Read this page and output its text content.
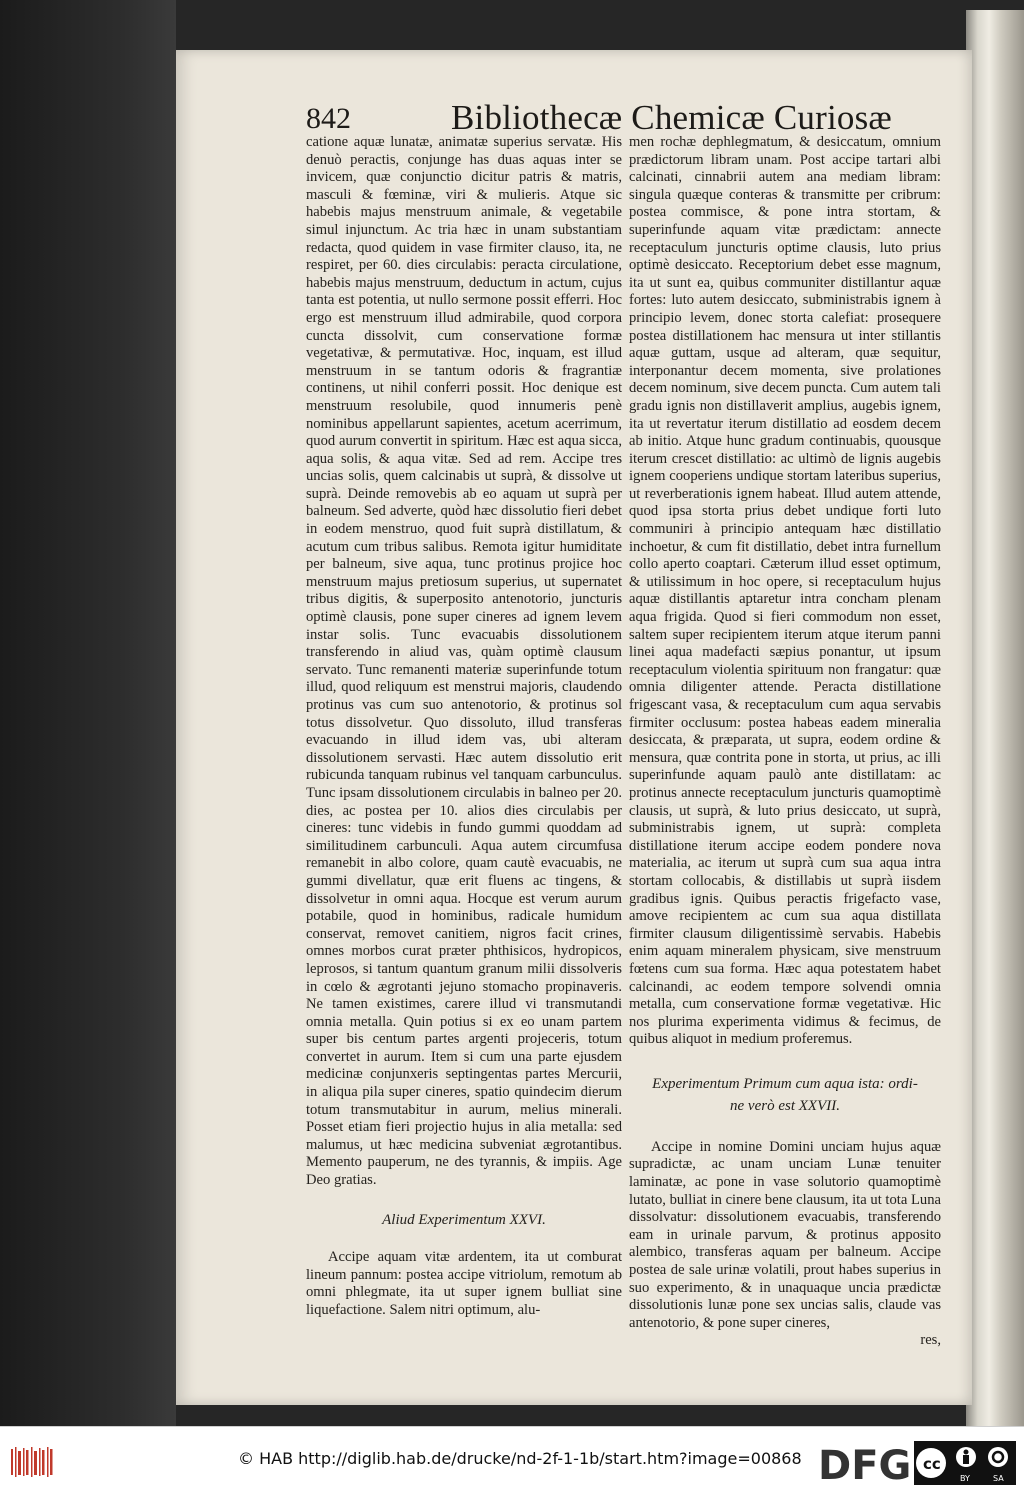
842	Bibliothecæ Chemicæ Curiosæ

catione aquæ lunatæ, animatæ superius servatæ. His denuò peractis, conjunge has duas aquas inter se invicem, quæ conjunctio dicitur patris & matris, masculi & fœminæ, viri & mulieris. Atque sic habebis majus menstruum animale, & vegetabile simul injunctum. Ac tria hæc in unam substantiam redacta, quod quidem in vase firmiter clauso, ita, ne respiret, per 60. dies circulabis: peracta circulatione, habebis majus menstruum, deductum in actum, cujus tanta est potentia, ut nullo sermone possit efferri. Hoc ergo est menstruum illud admirabile, quod corpora cuncta dissolvit, cum conservatione formæ vegetativæ, & permutativæ. Hoc, inquam, est illud menstruum in se tantum odoris & fragrantiæ continens, ut nihil conferri possit. Hoc denique est menstruum resolubile, quod innumeris penè nominibus appellarunt sapientes, acetum acerrimum, quod aurum convertit in spiritum. Hæc est aqua sicca, aqua solis, & aqua vitæ. Sed ad rem. Accipe tres uncias solis, quem calcinabis ut suprà, & dissolve ut suprà. Deinde removebis ab eo aquam ut suprà per balneum. Sed adverte, quòd hæc dissolutio fieri debet in eodem menstruo, quod fuit suprà distillatum, & acutum cum tribus salibus. Remota igitur humiditate per balneum, sive aqua, tunc protinus projice hoc menstruum majus pretiosum superius, ut supernatet tribus digitis, & superposito antenotorio, juncturis optimè clausis, pone super cineres ad ignem levem instar solis. Tunc evacuabis dissolutionem transferendo in aliud vas, quàm optimè clausum servato. Tunc remanenti materiæ superinfunde totum illud, quod reliquum est menstrui majoris, claudendo protinus vas cum suo antenotorio, & protinus sol totus dissolvetur. Quo dissoluto, illud transferas evacuando in illud idem vas, ubi alteram dissolutionem servasti. Hæc autem dissolutio erit rubicunda tanquam rubinus vel tanquam carbunculus. Tunc ipsam dissolutionem circulabis in balneo per 20. dies, ac postea per 10. alios dies circulabis per cineres: tunc videbis in fundo gummi quoddam ad similitudinem carbunculi. Aqua autem circumfusa remanebit in albo colore, quam cautè evacuabis, ne gummi divellatur, quæ erit fluens ac tingens, & dissolvetur in omni aqua. Hocque est verum aurum potabile, quod in hominibus, radicale humidum conservat, removet canitiem, nigros facit crines, omnes morbos curat præter phthisicos, hydropicos, leprosos, si tantum quantum granum milii dissolveris in cœlo & ægrotanti jejuno stomacho propinaveris. Ne tamen existimes, carere illud vi transmutandi omnia metalla. Quin potius si ex eo unam partem super bis centum partes argenti projeceris, totum convertet in aurum. Item si cum una parte ejusdem medicinæ conjunxeris septingentas partes Mercurii, in aliqua pila super cineres, spatio quindecim dierum totum transmutabitur in aurum, melius minerali. Posset etiam fieri projectio hujus in alia metalla: sed malumus, ut hæc medicina subveniat ægrotantibus. Memento pauperum, ne des tyrannis, & impiis. Age Deo gratias.

Aliud Experimentum XXVI.

Accipe aquam vitæ ardentem, ita ut comburat lineum pannum: postea accipe vitriolum, remotum ab omni phlegmate, ita ut super ignem bulliat sine liquefactione. Salem nitri optimum, alu-

men rochæ dephlegmatum, & desiccatum, omnium prædictorum libram unam. Post accipe tartari albi calcinati, cinnabrii autem ana mediam libram: singula quæque conteras & transmitte per cribrum: postea commisce, & pone intra stortam, & superinfunde aquam vitæ prædictam: annecte receptaculum juncturis optime clausis, luto prius optimè desiccato. Receptorium debet esse magnum, ita ut sunt ea, quibus communiter distillantur aquæ fortes: luto autem desiccato, subministrabis ignem à principio levem, donec storta calefiat: prosequere postea distillationem hac mensura ut inter stillantis aquæ guttam, usque ad alteram, quæ sequitur, interponantur decem momenta, sive prolationes decem nominum, sive decem puncta. Cum autem tali gradu ignis non distillaverit amplius, augebis ignem, ita ut revertatur iterum distillatio ad eosdem decem ab initio. Atque hunc gradum continuabis, quousque iterum crescet distillatio: ac ultimò de lignis augebis ignem cooperiens undique stortam lateribus superius, ut reverberationis ignem habeat. Illud autem attende, quod ipsa storta prius debet undique forti luto communiri à principio antequam hæc distillatio inchoetur, & cum fit distillatio, debet intra furnellum collo aperto coaptari. Cæterum illud esset optimum, & utilissimum in hoc opere, si receptaculum hujus aquæ distillantis aptaretur intra concham plenam aqua frigida. Quod si fieri commodum non esset, saltem super recipientem iterum atque iterum panni linei aqua madefacti sæpius ponantur, ut ipsum receptaculum violentia spirituum non frangatur: quæ omnia diligenter attende. Peracta distillatione frigescant vasa, & receptaculum cum aqua servabis firmiter occlusum: postea habeas eadem mineralia desiccata, & præparata, ut supra, eodem ordine & mensura, quæ contrita pone in storta, ut prius, ac illi superinfunde aquam paulò ante distillatam: ac protinus annecte receptaculum juncturis quamoptimè clausis, ut suprà, & luto prius desiccato, ut suprà, subministrabis ignem, ut suprà: completa distillatione iterum accipe eodem pondere nova materialia, ac iterum ut suprà cum sua aqua intra stortam collocabis, & distillabis ut suprà iisdem gradibus ignis. Quibus peractis frigefacto vase, amove recipientem ac cum sua aqua distillata firmiter clausum diligentissimè servabis. Habebis enim aquam mineralem physicam, sive menstruum fœtens cum sua forma. Hæc aqua potestatem habet calcinandi, ac eodem tempore solvendi omnia metalla, cum conservatione formæ vegetativæ. Hic nos plurima experimenta vidimus & fecimus, de quibus aliquot in medium proferemus.

Experimentum Primum cum aqua ista: ordi-
ne verò est XXVII.

Accipe in nomine Domini unciam hujus aquæ supradictæ, ac unam unciam Lunæ tenuiter laminatæ, ac pone in vase solutorio quamoptimè lutato, bulliat in cinere bene clausum, ita ut tota Luna dissolvatur: dissolutionem evacuabis, transferendo eam in urinale parvum, & protinus apposito alembico, transferas aquam per balneum. Accipe postea de sale urinæ volatili, prout habes superius in suo experimento, & in unaquaque uncia prædictæ dissolutionis lunæ pone sex uncias salis, claude vas antenotorio, & pone super cineres,

res,
© HAB http://diglib.hab.de/drucke/nd-2f-1-1b/start.htm?image=00868 DFG cc
BY	SA
